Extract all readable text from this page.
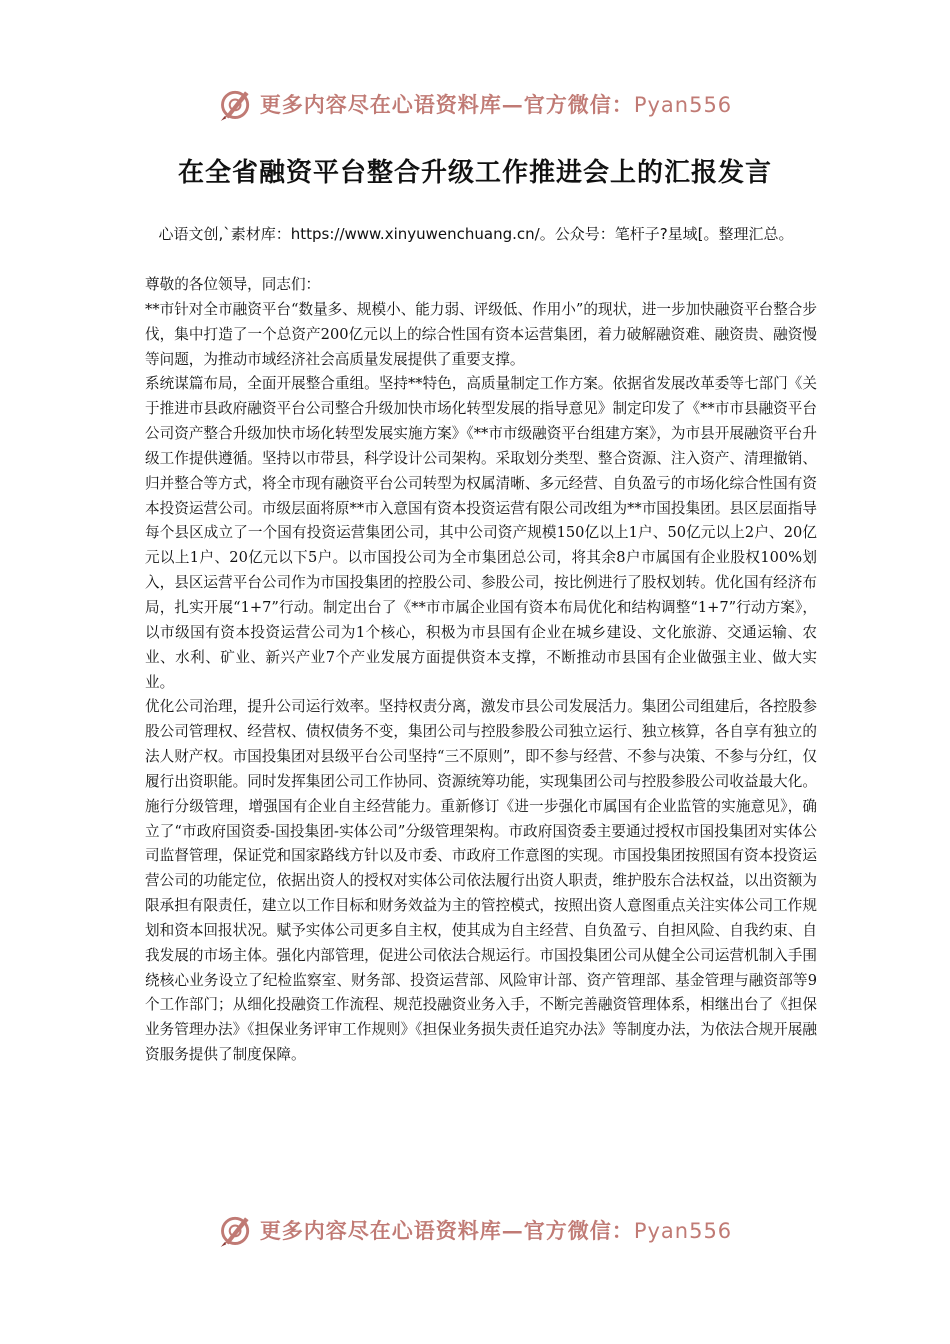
更多内容尽在心语资料库—官方微信：Pyan556
在全省融资平台整合升级工作推进会上的汇报发言

心语文创,`素材库：https://www.xinyuwenchuang.cn/。公众号：笔杆子?星域[。整理汇总。

尊敬的各位领导，同志们：

**市针对全市融资平台“数量多、规模小、能力弱、评级低、作用小”的现状，进一步加快融资平台整合步伐，集中打造了一个总资产200亿元以上的综合性国有资本运营集团，着力破解融资难、融资贵、融资慢等问题，为推动市域经济社会高质量发展提供了重要支撑。

系统谋篇布局，全面开展整合重组。坚持**特色，高质量制定工作方案。依据省发展改革委等七部门《关于推进市县政府融资平台公司整合升级加快市场化转型发展的指导意见》制定印发了《**市市县融资平台公司资产整合升级加快市场化转型发展实施方案》《**市市级融资平台组建方案》，为市县开展融资平台升级工作提供遵循。坚持以市带县，科学设计公司架构。采取划分类型、整合资源、注入资产、清理撤销、归并整合等方式，将全市现有融资平台公司转型为权属清晰、多元经营、自负盈亏的市场化综合性国有资本投资运营公司。市级层面将原**市入意国有资本投资运营有限公司改组为**市国投集团。县区层面指导每个县区成立了一个国有投资运营集团公司，其中公司资产规模150亿以上1户、50亿元以上2户、20亿元以上1户、20亿元以下5户。以市国投公司为全市集团总公司，将其余8户市属国有企业股权100%划入，县区运营平台公司作为市国投集团的控股公司、参股公司，按比例进行了股权划转。优化国有经济布局，扎实开展“1+7”行动。制定出台了《**市市属企业国有资本布局优化和结构调整“1+7”行动方案》，以市级国有资本投资运营公司为1个核心，积极为市县国有企业在城乡建设、文化旅游、交通运输、农业、水利、矿业、新兴产业7个产业发展方面提供资本支撑，不断推动市县国有企业做强主业、做大实业。

优化公司治理，提升公司运行效率。坚持权责分离，激发市县公司发展活力。集团公司组建后，各控股参股公司管理权、经营权、债权债务不变，集团公司与控股参股公司独立运行、独立核算，各自享有独立的法人财产权。市国投集团对县级平台公司坚持“三不原则”，即不参与经营、不参与决策、不参与分红，仅履行出资职能。同时发挥集团公司工作协同、资源统筹功能，实现集团公司与控股参股公司收益最大化。施行分级管理，增强国有企业自主经营能力。重新修订《进一步强化市属国有企业监管的实施意见》，确立了“市政府国资委-国投集团-实体公司”分级管理架构。市政府国资委主要通过授权市国投集团对实体公司监督管理，保证党和国家路线方针以及市委、市政府工作意图的实现。市国投集团按照国有资本投资运营公司的功能定位，依据出资人的授权对实体公司依法履行出资人职责，维护股东合法权益，以出资额为限承担有限责任，建立以工作目标和财务效益为主的管控模式，按照出资人意图重点关注实体公司工作规划和资本回报状况。赋予实体公司更多自主权，使其成为自主经营、自负盈亏、自担风险、自我约束、自我发展的市场主体。强化内部管理，促进公司依法合规运行。市国投集团公司从健全公司运营机制入手围绕核心业务设立了纪检监察室、财务部、投资运营部、风险审计部、资产管理部、基金管理与融资部等9个工作部门；从细化投融资工作流程、规范投融资业务入手，不断完善融资管理体系，相继出台了《担保业务管理办法》《担保业务评审工作规则》《担保业务损失责任追究办法》等制度办法，为依法合规开展融资服务提供了制度保障。

更多内容尽在心语资料库—官方微信：Pyan556
